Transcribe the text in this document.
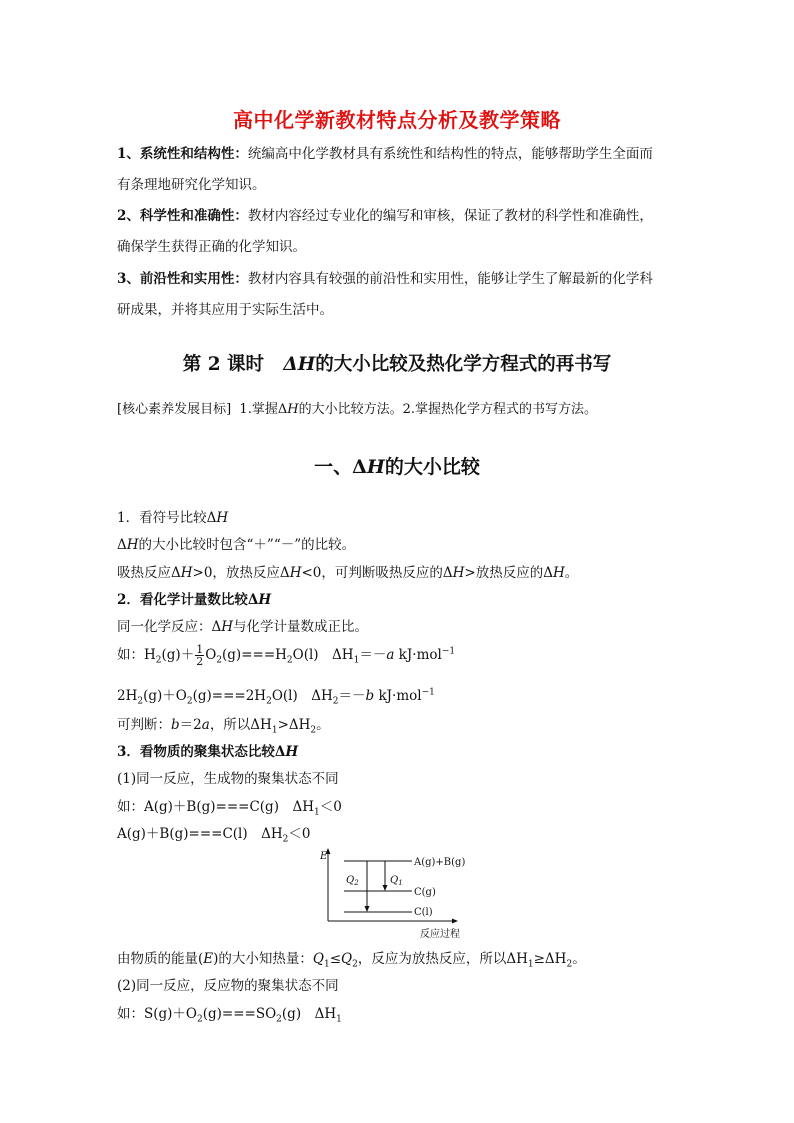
高中化学新教材特点分析及教学策略
1、系统性和结构性：统编高中化学教材具有系统性和结构性的特点，能够帮助学生全面而
有条理地研究化学知识。
2、科学性和准确性：教材内容经过专业化的编写和审核，保证了教材的科学性和准确性，
确保学生获得正确的化学知识。
3、前沿性和实用性：教材内容具有较强的前沿性和实用性，能够让学生了解最新的化学科
研成果，并将其应用于实际生活中。
第 2 课时 ΔH的大小比较及热化学方程式的再书写
[核心素养发展目标] 1.掌握ΔH的大小比较方法。2.掌握热化学方程式的书写方法。
一、ΔH的大小比较
1．看符号比较ΔH
ΔH的大小比较时包含“＋”“－”的比较。
吸热反应ΔH>0，放热反应ΔH<0，可判断吸热反应的ΔH>放热反应的ΔH。
2．看化学计量数比较ΔH
同一化学反应：ΔH与化学计量数成正比。
如：$H_2(g)+ \frac{1}{2} O_2(g)===H_2O(l)$　$\Delta H_1=-a$ kJ·mol$^{-1}$
$2H_2(g)+O_2(g)===2H_2O(l)$　$\Delta H_2=-b$ kJ·mol$^{-1}$
可判断：b＝2a，所以$\Delta H_1>\Delta H_2$。
3．看物质的聚集状态比较ΔH
(1)同一反应，生成物的聚集状态不同
如：A(g)＋B(g)===C(g)　$\Delta H_1<0$
A(g)＋B(g)===C(l)　$\Delta H_2<0$
E
A(g)+B(g)
C(g)
C(l)
$Q_1$
$Q_2$
反应过程
由物质的能量(E)的大小知热量：$Q_1\le Q_2$，反应为放热反应，所以$\Delta H_1\ge\Delta H_2$。
(2)同一反应，反应物的聚集状态不同
如：$S(g)+O_2(g)===SO_2(g)$　$\Delta H_1$
